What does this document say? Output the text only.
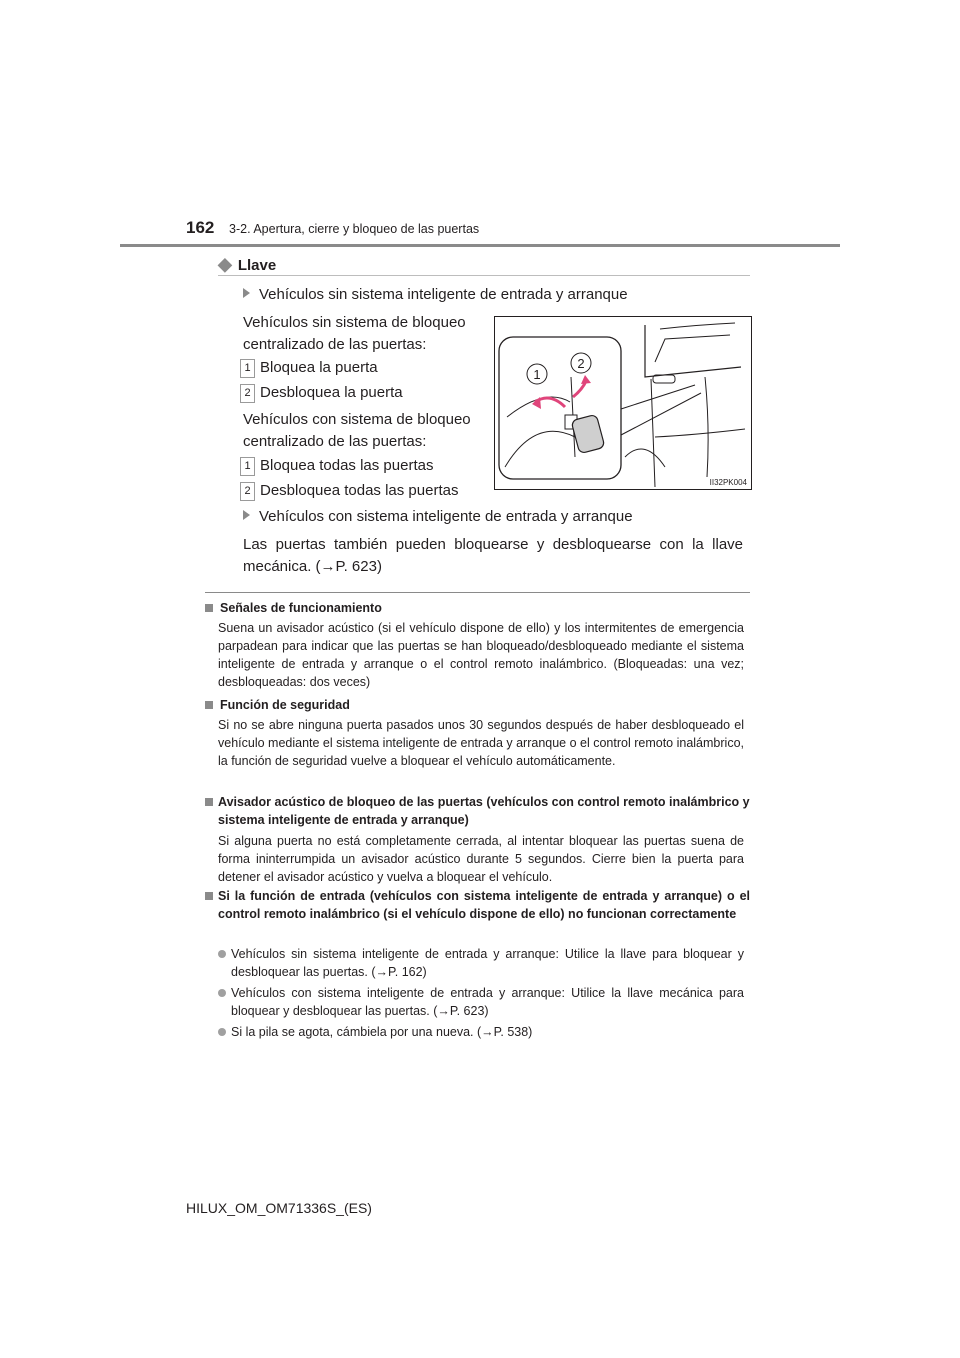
162 3-2. Apertura, cierre y bloqueo de las puertas
◆ Llave
Vehículos sin sistema inteligente de entrada y arranque
Vehículos sin sistema de bloqueo
centralizado de las puertas:
1 Bloquea la puerta
2 Desbloquea la puerta
Vehículos con sistema de bloqueo
centralizado de las puertas:
1 Bloquea todas las puertas
2 Desbloquea todas las puertas
Vehículos con sistema inteligente de entrada y arranque
Las puertas también pueden bloquearse y desbloquearse con la llave mecánica. (→P. 623)
1
2
II32PK004
Señales de funcionamiento
Suena un avisador acústico (si el vehículo dispone de ello) y los intermitentes de emergencia parpadean para indicar que las puertas se han bloqueado/desbloqueado mediante el sistema inteligente de entrada y arranque o el control remoto inalámbrico. (Bloqueadas: una vez; desbloqueadas: dos veces)
Función de seguridad
Si no se abre ninguna puerta pasados unos 30 segundos después de haber desbloqueado el vehículo mediante el sistema inteligente de entrada y arranque o el control remoto inalámbrico, la función de seguridad vuelve a bloquear el vehículo automáticamente.
Avisador acústico de bloqueo de las puertas (vehículos con control remoto inalámbrico y sistema inteligente de entrada y arranque)
Si alguna puerta no está completamente cerrada, al intentar bloquear las puertas suena de forma ininterrumpida un avisador acústico durante 5 segundos. Cierre bien la puerta para detener el avisador acústico y vuelva a bloquear el vehículo.
Si la función de entrada (vehículos con sistema inteligente de entrada y arranque) o el control remoto inalámbrico (si el vehículo dispone de ello) no funcionan correctamente
Vehículos sin sistema inteligente de entrada y arranque: Utilice la llave para bloquear y desbloquear las puertas. (→P. 162)
Vehículos con sistema inteligente de entrada y arranque: Utilice la llave mecánica para bloquear y desbloquear las puertas. (→P. 623)
Si la pila se agota, cámbiela por una nueva. (→P. 538)
HILUX_OM_OM71336S_(ES)
